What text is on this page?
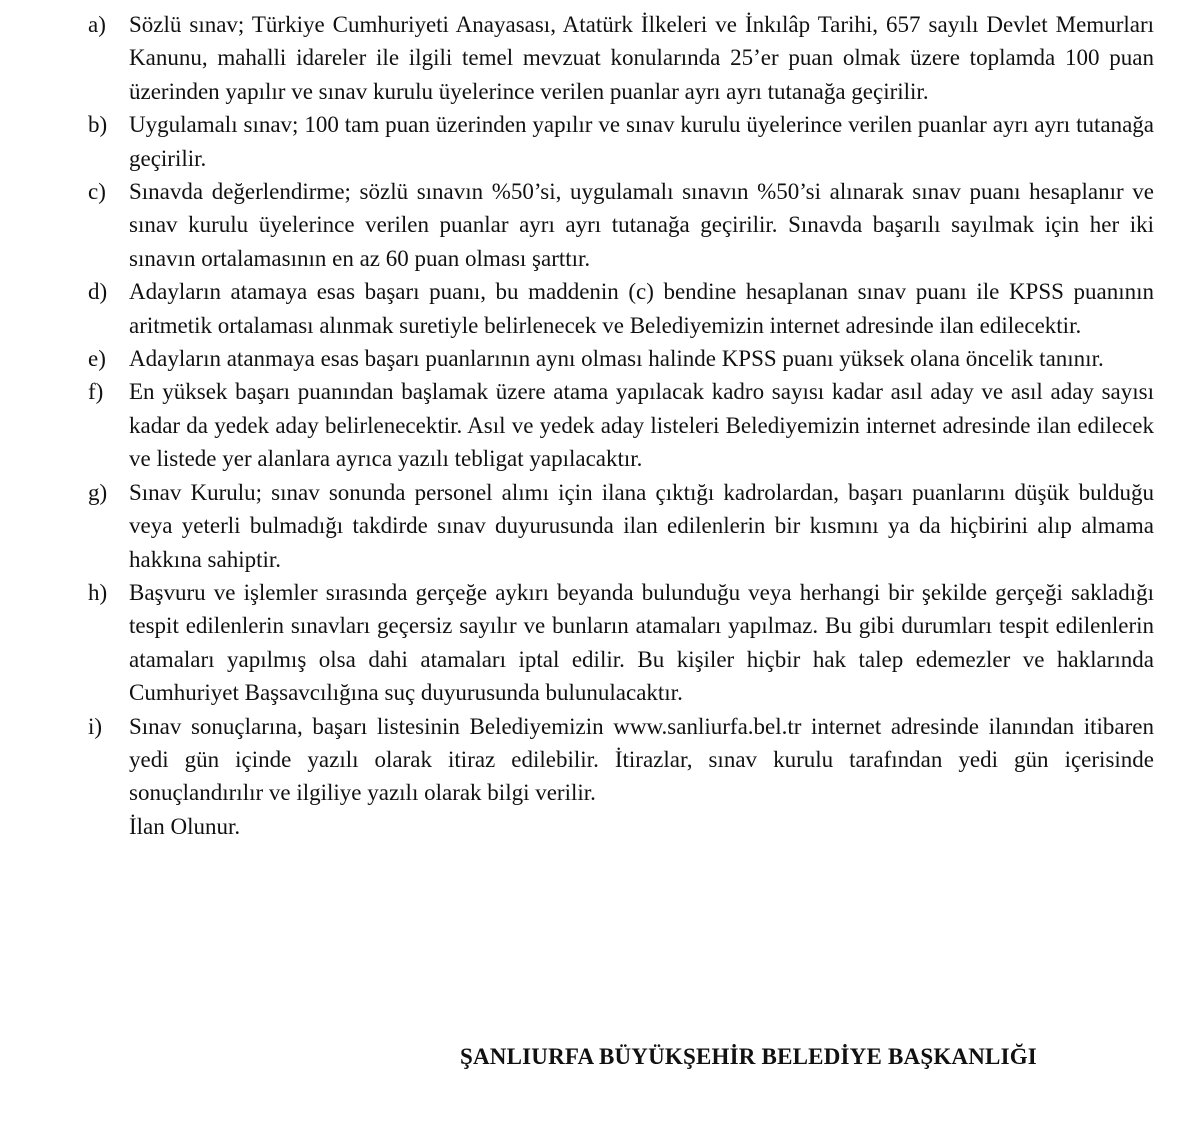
a) Sözlü sınav; Türkiye Cumhuriyeti Anayasası, Atatürk İlkeleri ve İnkılâp Tarihi, 657 sayılı Devlet Memurları Kanunu, mahalli idareler ile ilgili temel mevzuat konularında 25’er puan olmak üzere toplamda 100 puan üzerinden yapılır ve sınav kurulu üyelerince verilen puanlar ayrı ayrı tutanağa geçirilir.
b) Uygulamalı sınav; 100 tam puan üzerinden yapılır ve sınav kurulu üyelerince verilen puanlar ayrı ayrı tutanağa geçirilir.
c) Sınavda değerlendirme; sözlü sınavın %50’si, uygulamalı sınavın %50’si alınarak sınav puanı hesaplanır ve sınav kurulu üyelerince verilen puanlar ayrı ayrı tutanağa geçirilir. Sınavda başarılı sayılmak için her iki sınavın ortalamasının en az 60 puan olması şarttır.
d) Adayların atamaya esas başarı puanı, bu maddenin (c) bendine hesaplanan sınav puanı ile KPSS puanının aritmetik ortalaması alınmak suretiyle belirlenecek ve Belediyemizin internet adresinde ilan edilecektir.
e) Adayların atanmaya esas başarı puanlarının aynı olması halinde KPSS puanı yüksek olana öncelik tanınır.
f) En yüksek başarı puanından başlamak üzere atama yapılacak kadro sayısı kadar asıl aday ve asıl aday sayısı kadar da yedek aday belirlenecektir. Asıl ve yedek aday listeleri Belediyemizin internet adresinde ilan edilecek ve listede yer alanlara ayrıca yazılı tebligat yapılacaktır.
g) Sınav Kurulu; sınav sonunda personel alımı için ilana çıktığı kadrolardan, başarı puanlarını düşük bulduğu veya yeterli bulmadığı takdirde sınav duyurusunda ilan edilenlerin bir kısmını ya da hiçbirini alıp almama hakkına sahiptir.
h) Başvuru ve işlemler sırasında gerçeğe aykırı beyanda bulunduğu veya herhangi bir şekilde gerçeği sakladığı tespit edilenlerin sınavları geçersiz sayılır ve bunların atamaları yapılmaz. Bu gibi durumları tespit edilenlerin atamaları yapılmış olsa dahi atamaları iptal edilir. Bu kişiler hiçbir hak talep edemezler ve haklarında Cumhuriyet Başsavcılığına suç duyurusunda bulunulacaktır.
i) Sınav sonuçlarına, başarı listesinin Belediyemizin www.sanliurfa.bel.tr internet adresinde ilanından itibaren yedi gün içinde yazılı olarak itiraz edilebilir. İtirazlar, sınav kurulu tarafından yedi gün içerisinde sonuçlandırılır ve ilgiliye yazılı olarak bilgi verilir.
İlan Olunur.
ŞANLIURFA BÜYÜKŞEHİR BELEDİYE BAŞKANLIĞI
